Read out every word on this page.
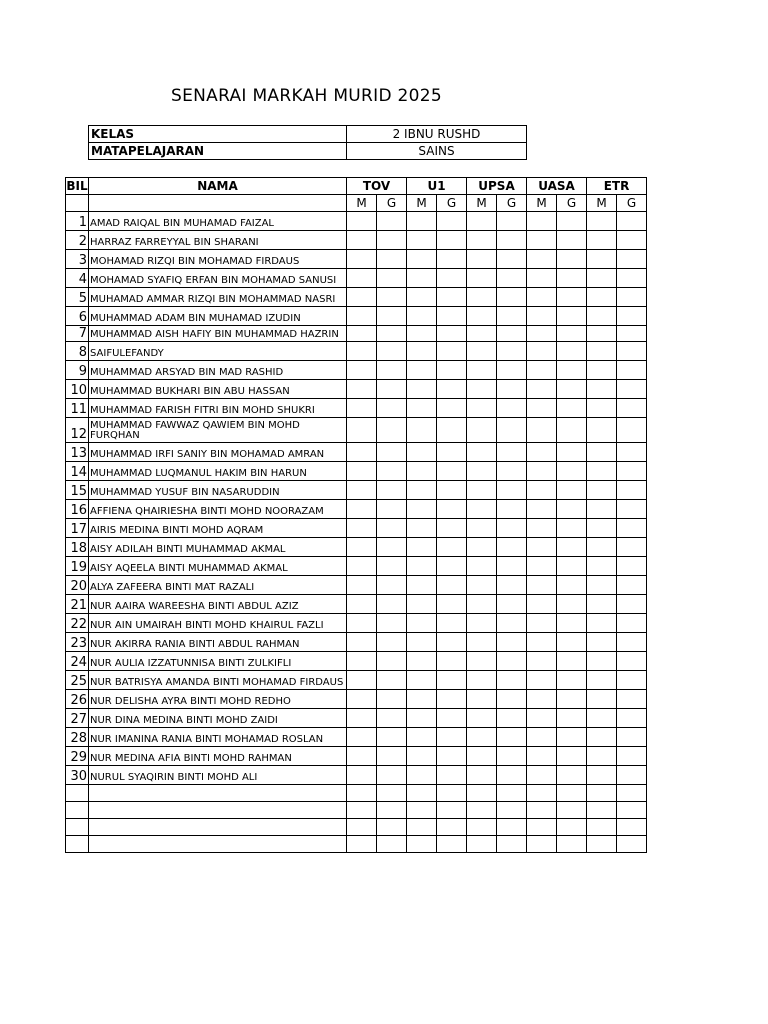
SENARAI MARKAH MURID 2025
KELAS	2 IBNU RUSHD
MATAPELAJARAN	SAINS
BIL	NAMA	TOV		U1		UPSA		UASA		ETR	
		M	G	M	G	M	G	M	G	M	G
1	AMAD RAIQAL BIN MUHAMAD FAIZAL										
2	HARRAZ FARREYYAL BIN SHARANI										
3	MOHAMAD RIZQI BIN MOHAMAD FIRDAUS										
4	MOHAMAD SYAFIQ ERFAN BIN MOHAMAD SANUSI										
5	MUHAMAD AMMAR RIZQI BIN MOHAMMAD NASRI										
6	MUHAMMAD ADAM BIN MUHAMAD IZUDIN										
7	MUHAMMAD AISH HAFIY BIN MUHAMMAD HAZRIN										
8	SAIFULEFANDY										
9	MUHAMMAD ARSYAD BIN MAD RASHID										
10	MUHAMMAD BUKHARI BIN ABU HASSAN										
11	MUHAMMAD FARISH FITRI BIN MOHD SHUKRI										
12	MUHAMMAD FAWWAZ QAWIEM BIN MOHD FURQHAN										
13	MUHAMMAD IRFI SANIY BIN MOHAMAD AMRAN										
14	MUHAMMAD LUQMANUL HAKIM BIN HARUN										
15	MUHAMMAD YUSUF BIN NASARUDDIN										
16	AFFIENA QHAIRIESHA BINTI MOHD NOORAZAM										
17	AIRIS MEDINA BINTI MOHD AQRAM										
18	AISY ADILAH BINTI MUHAMMAD AKMAL										
19	AISY AQEELA BINTI MUHAMMAD AKMAL										
20	ALYA ZAFEERA BINTI MAT RAZALI										
21	NUR AAIRA WAREESHA BINTI ABDUL AZIZ										
22	NUR AIN UMAIRAH BINTI MOHD KHAIRUL FAZLI										
23	NUR AKIRRA RANIA BINTI ABDUL RAHMAN										
24	NUR AULIA IZZATUNNISA BINTI ZULKIFLI										
25	NUR BATRISYA AMANDA BINTI MOHAMAD FIRDAUS										
26	NUR DELISHA AYRA BINTI MOHD REDHO										
27	NUR DINA MEDINA BINTI MOHD ZAIDI										
28	NUR IMANINA RANIA BINTI MOHAMAD ROSLAN										
29	NUR MEDINA AFIA BINTI MOHD RAHMAN										
30	NURUL SYAQIRIN BINTI MOHD ALI										
